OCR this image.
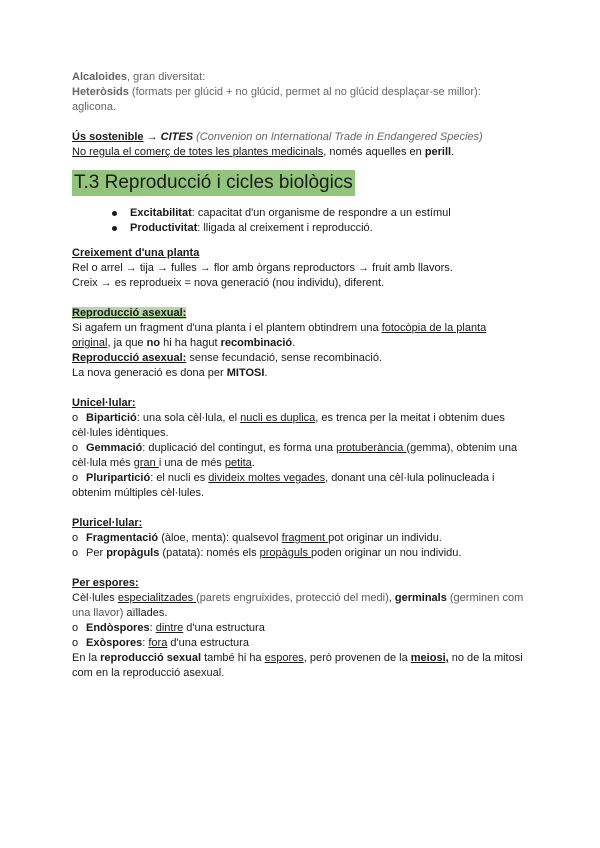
Alcaloides, gran diversitat:

Heteròsids (formats per glúcid + no glúcid, permet al no glúcid desplaçar-se millor):

aglicona.

Ús sostenible → CITES (Convenion on International Trade in Endangered Species)

No regula el comerç de totes les plantes medicinals, només aquelles en perill.

T.3 Reproducció i cicles biològics
Excitabilitat: capacitat d'un organisme de respondre a un estímul
Productivitat: lligada al creixement i reproducció.

Creixement d'una planta

Rel o arrel → tija → fulles → flor amb òrgans reproductors → fruit amb llavors.

Creix → es reprodueix = nova generació (nou individu), diferent.

Reproducció asexual:

Si agafem un fragment d'una planta i el plantem obtindrem una fotocòpia de la planta

original, ja que no hi ha hagut recombinació.

Reproducció asexual: sense fecundació, sense recombinació.

La nova generació es dona per MITOSI.

Unicel·lular:

o Bipartició: una sola cèl·lula, el nucli es duplica, es trenca per la meitat i obtenim dues

cèl·lules idèntiques.

o Gemmació: duplicació del contingut, es forma una protuberància (gemma), obtenim una

cèl·lula més gran i una de més petita.

o Pluripartició: el nucli es divideix moltes vegades, donant una cèl·lula polinucleada i

obtenim múltiples cèl·lules.

Pluricel·lular:

o Fragmentació (àloe, menta): qualsevol fragment pot originar un individu.

o Per propàguls (patata): només els propàguls poden originar un nou individu.

Per espores:

Cèl·lules especialitzades (parets engruixides, protecció del medi), germinals (germinen com

una llavor) aïllades.

o Endòspores: dintre d'una estructura

o Exòspores: fora d'una estructura

En la reproducció sexual també hi ha espores, però provenen de la meiosi, no de la mitosi

com en la reproducció asexual.
